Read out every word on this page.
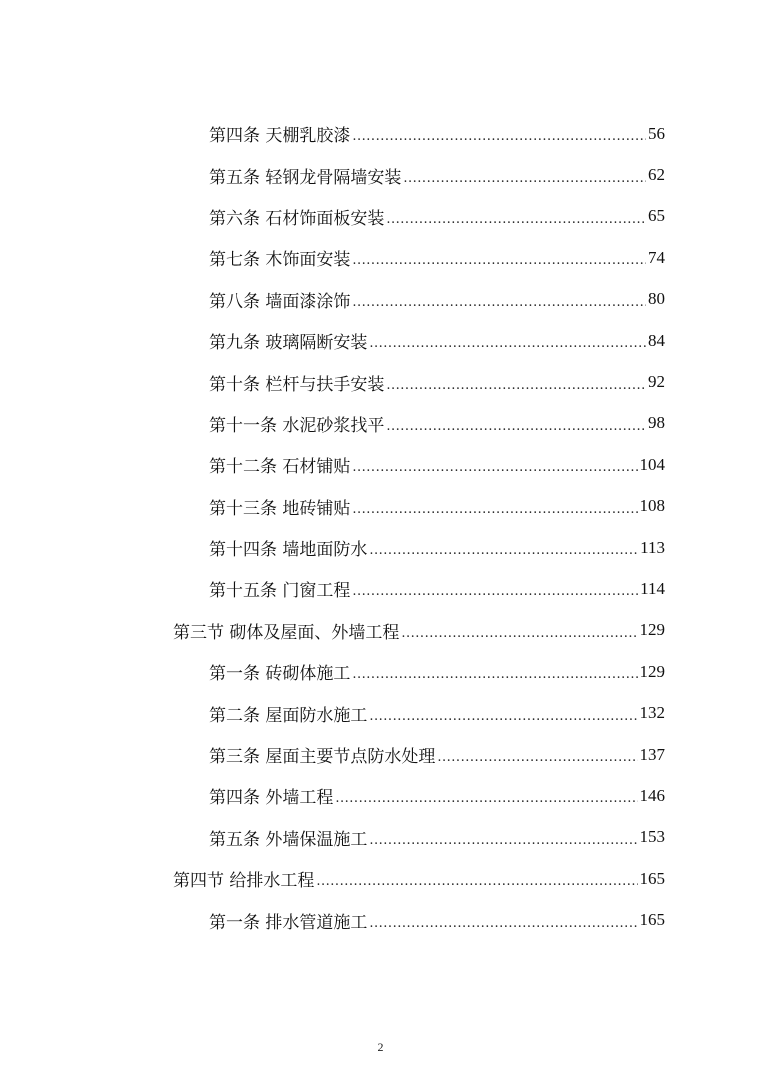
第四条 天棚乳胶漆 .....	56
第五条 轻钢龙骨隔墙安装 .....	62
第六条 石材饰面板安装 .....	65
第七条 木饰面安装 .....	74
第八条 墙面漆涂饰 .....	80
第九条 玻璃隔断安装 .....	84
第十条 栏杆与扶手安装 .....	92
第十一条 水泥砂浆找平 .....	98
第十二条 石材铺贴 .....	104
第十三条 地砖铺贴 .....	108
第十四条 墙地面防水 .....	113
第十五条 门窗工程 .....	114
第三节 砌体及屋面、外墙工程 .....	129
第一条 砖砌体施工 .....	129
第二条 屋面防水施工 .....	132
第三条 屋面主要节点防水处理 .....	137
第四条 外墙工程 .....	146
第五条 外墙保温施工 .....	153
第四节 给排水工程 .....	165
第一条 排水管道施工 .....	165
2
